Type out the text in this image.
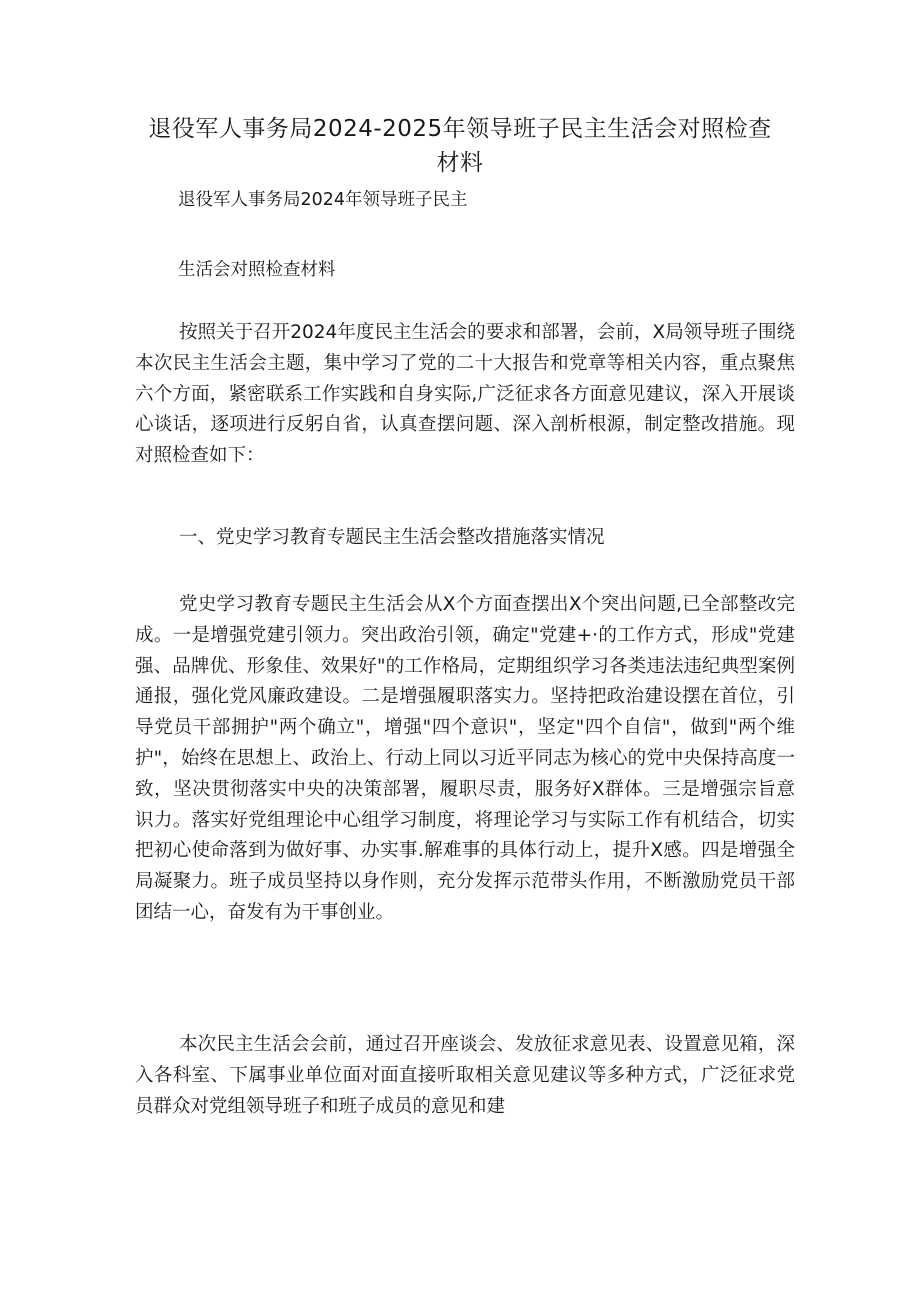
退役军人事务局2024-2025年领导班子民主生活会对照检查材料
退役军人事务局2024年领导班子民主
生活会对照检查材料

按照关于召开2024年度民主生活会的要求和部署，会前，X局领导班子围绕本次民主生活会主题，集中学习了党的二十大报告和党章等相关内容，重点聚焦六个方面，紧密联系工作实践和自身实际,广泛征求各方面意见建议，深入开展谈心谈话，逐项进行反躬自省，认真查摆问题、深入剖析根源，制定整改措施。现对照检查如下：

一、党史学习教育专题民主生活会整改措施落实情况

党史学习教育专题民主生活会从X个方面查摆出X个突出问题,已全部整改完成。一是增强党建引领力。突出政治引领，确定"党建+·的工作方式，形成"党建强、品牌优、形象佳、效果好"的工作格局，定期组织学习各类违法违纪典型案例通报，强化党风廉政建设。二是增强履职落实力。坚持把政治建设摆在首位，引导党员干部拥护"两个确立"，增强"四个意识"，坚定"四个自信"，做到"两个维护"，始终在思想上、政治上、行动上同以习近平同志为核心的党中央保持高度一致，坚决贯彻落实中央的决策部署，履职尽责，服务好X群体。三是增强宗旨意识力。落实好党组理论中心组学习制度，将理论学习与实际工作有机结合，切实把初心使命落到为做好事、办实事.解难事的具体行动上，提升X感。四是增强全局凝聚力。班子成员坚持以身作则，充分发挥示范带头作用，不断激励党员干部团结一心，奋发有为干事创业。

本次民主生活会会前，通过召开座谈会、发放征求意见表、设置意见箱，深入各科室、下属事业单位面对面直接听取相关意见建议等多种方式，广泛征求党员群众对党组领导班子和班子成员的意见和建
